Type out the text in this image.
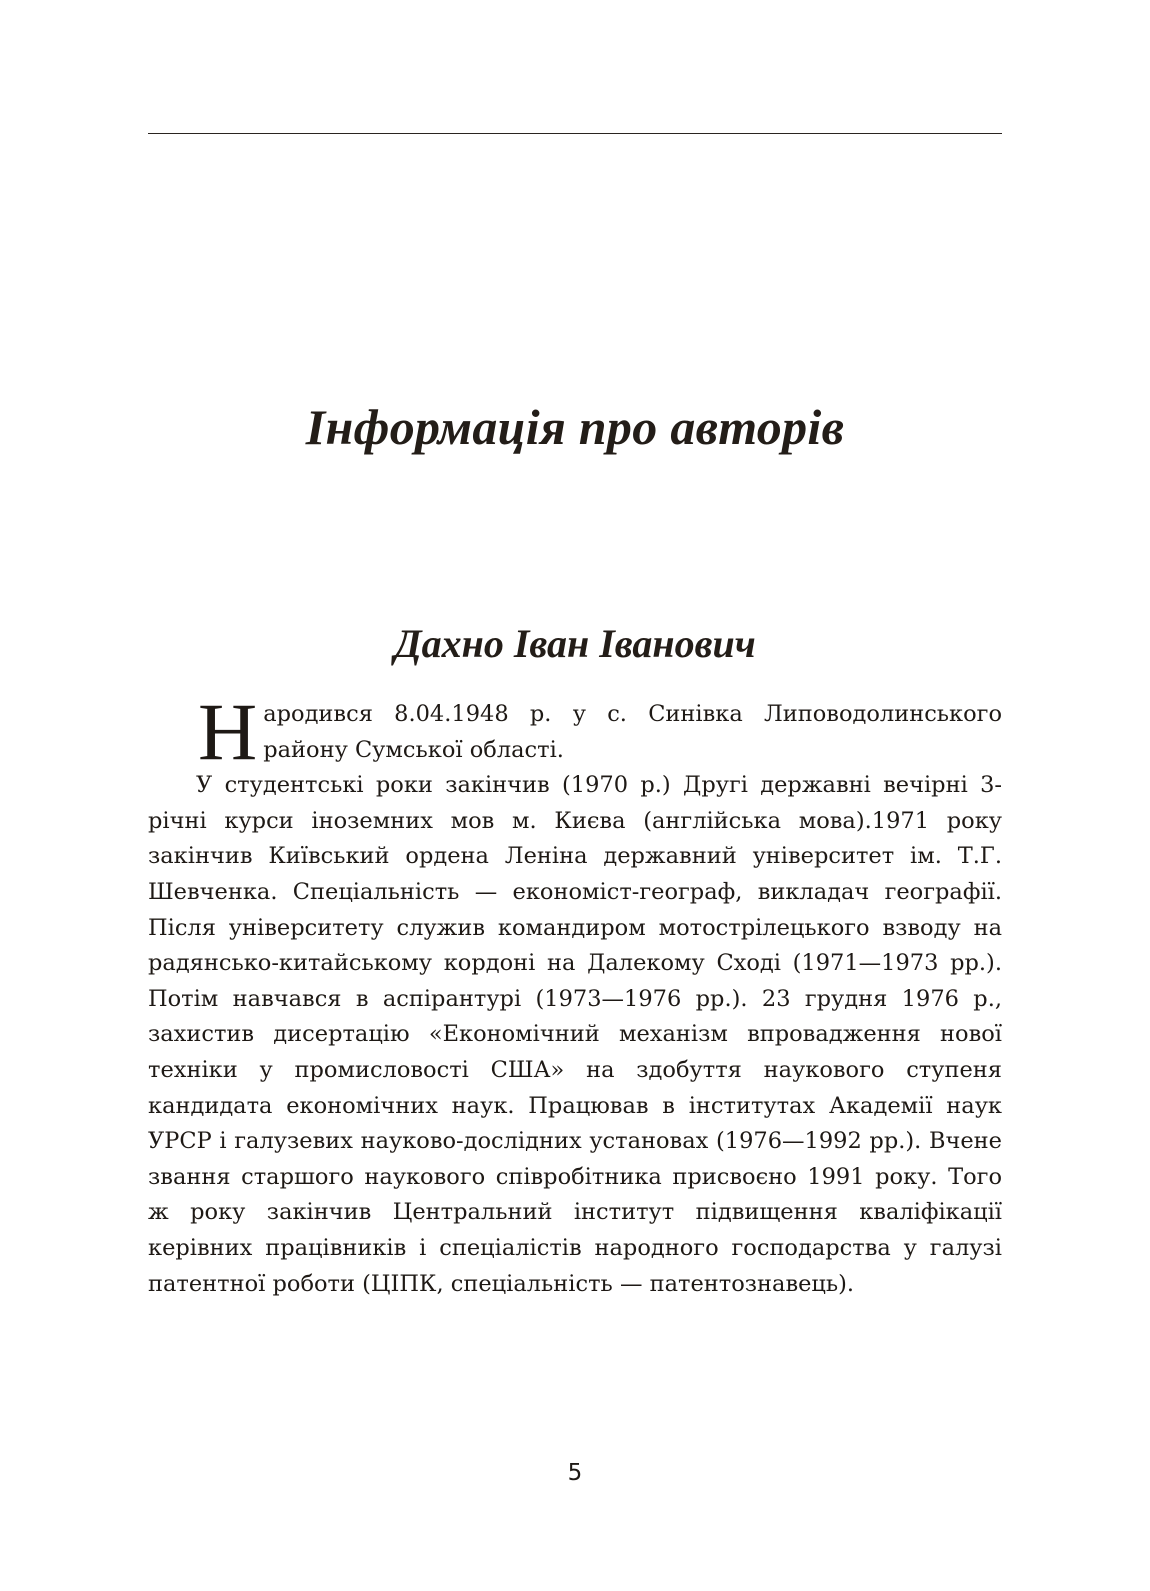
Інформація про авторів
Дахно Іван Іванович

Народився 8.04.1948 р. у с. Синівка Липоводолинського району Сумської області.

У студентські роки закінчив (1970 р.) Другі державні вечірні 3-річні курси іноземних мов м. Києва (англійська мова).1971 року закінчив Київський ордена Леніна державний університет ім. Т.Г. Шевченка. Спеціальність — економіст-географ, викладач географії. Після університету служив командиром мотострілецького взводу на радянсько-китайському кордоні на Далекому Сході (1971—1973 рр.). Потім навчався в аспірантурі (1973—1976 рр.). 23 грудня 1976 р., захистив дисертацію «Економічний механізм впровадження нової техніки у промисловості США» на здобуття наукового ступеня кандидата економічних наук. Працював в інститутах Академії наук УРСР і галузевих науково-дослідних установах (1976—1992 рр.). Вчене звання старшого наукового співробітника присвоєно 1991 року. Того ж року закінчив Центральний інститут підвищення кваліфікації керівних працівників і спеціалістів народного господарства у галузі патентної роботи (ЦІПК, спеціальність — патентознавець).

5
